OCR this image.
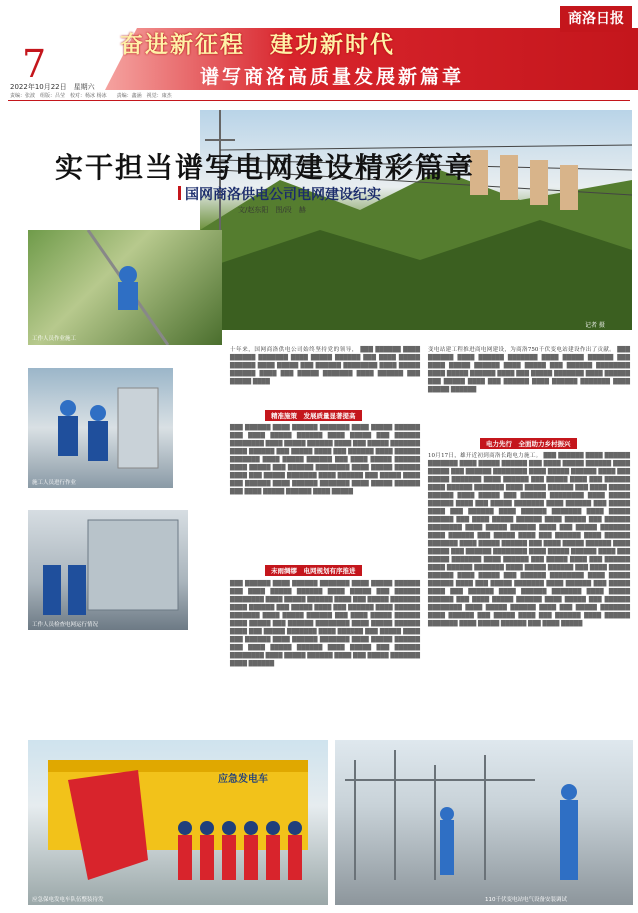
奋进新征程　建功新时代
谱写商洛高质量发展新篇章
商洛日报
7
2022年10月22日　星期六
责编：张波　组版：吕莹　校对：杨冰 杨冰　　责编：鑫涵　视觉：康杰
记者 摄
实干担当谱写电网建设精彩篇章
国网商洛供电公司电网建设纪实
文/赵东阳　图/段　赫
工作人员作业施工　　　　　　　　　　
施工人员进行作业　　　　　　
工作人员检查电网运行情况
十年来，国网商洛供电公司始终坚持党的领导， ███ ██████ ████ ██████ ███████ ████ █████ ██████ ███ ████ █████ ██████ ████ █████ ███ ██████ ████████ ████ █████ ██████ ████ ███ █████ ███████ ████ ██████ ███ █████ ████
精准施策　发展质量显著提高
███ ██████ ████ ██████ ███████ ████ █████ ██████ ███ ████ █████ ██████ ████ █████ ███ ██████ ████████ ████ █████ ██████ ████ ███ █████ ███████ ████ ██████ ███ █████ ████ ███ ██████ ████ ██████ ███████ ████ █████ ██████ ███ ████ █████ ██████ ████ █████ ███ ██████ ████████ ████ █████ ██████ ████ ███ █████ ███████ ████ ██████ ███ █████ ████ ███ ██████ ████ ██████ ███████ ████ █████ ██████ ███ ████ █████ ██████ ████ █████
未雨绸缪　电网规划有序推进
███ ██████ ████ ██████ ███████ ████ █████ ██████ ███ ████ █████ ██████ ████ █████ ███ ██████ ████████ ████ █████ ██████ ████ ███ █████ ███████ ████ ██████ ███ █████ ████ ███ ██████ ████ ██████ ███████ ████ █████ ██████ ███ ████ █████ ██████ ████ █████ ███ ██████ ████████ ████ █████ ██████ ████ ███ █████ ███████ ████ ██████ ███ █████ ████ ███ ██████ ████ ██████ ███████ ████ █████ ██████ ███ ████ █████ ██████ ████ █████ ███ ██████ ████████ ████ █████ ██████ ████ ███ █████ ███████ ████ ██████
变电站建工程推进商电网建设，为商洛750千伏变电站建设作出了贡献。 ███ ██████ ████ ██████ ███████ ████ █████ ██████ ███ ████ █████ ██████ ████ █████ ███ ██████ ████████ ████ █████ ██████ ████ ███ █████ ███████ ████ ██████ ███ █████ ████ ███ ██████ ████ ██████ ███████ ████ █████ ██████
电力先行　全面助力乡村振兴
10月17日，雄开近初到商洛长跑电力施工。 ███ ██████ ████ ██████ ███████ ████ █████ ██████ ███ ████ █████ ██████ ████ █████ ███ ██████ ████████ ████ █████ ██████ ████ ███ █████ ███████ ████ ██████ ███ █████ ████ ███ ██████ ████ ██████ ███████ ████ █████ ██████ ███ ████ █████ ██████ ████ █████ ███ ██████ ████████ ████ █████ ██████ ████ ███ █████ ███████ ████ ██████ ███ █████ ████ ███ ██████ ████ ██████ ███████ ████ █████ ██████ ███ ████ █████ ██████ ████ █████ ███ ██████ ████████ ████ █████ ██████ ████ ███ █████ ███████ ████ ██████ ███ █████ ████ ███ ██████ ████ ██████ ███████ ████ █████ ██████ ███ ████ █████ ██████ ████ █████ ███ ██████ ████████ ████ █████ ██████ ████ ███ █████ ███████ ████ ██████ ███ █████ ████ ███ ██████ ████ ██████ ███████ ████ █████ ██████ ███ ████ █████ ██████ ████ █████ ███ ██████ ████████ ████ █████ ██████ ████ ███ █████ ███████ ████ ██████ ███ █████ ████ ███ ██████ ████ ██████ ███████ ████ █████ ██████ ███ ████ █████ ██████ ████ █████ ███ ██████ ████████ ████ █████ ██████ ████ ███ █████ ███████ ████ ██████ ███ █████ ████ ███ ██████ ████ ██████ ███████ ████ █████ ██████ ███ ████ █████
应急发电车
应急保电发电车队伍整装待发	110千伏变电站电气设备安装调试
